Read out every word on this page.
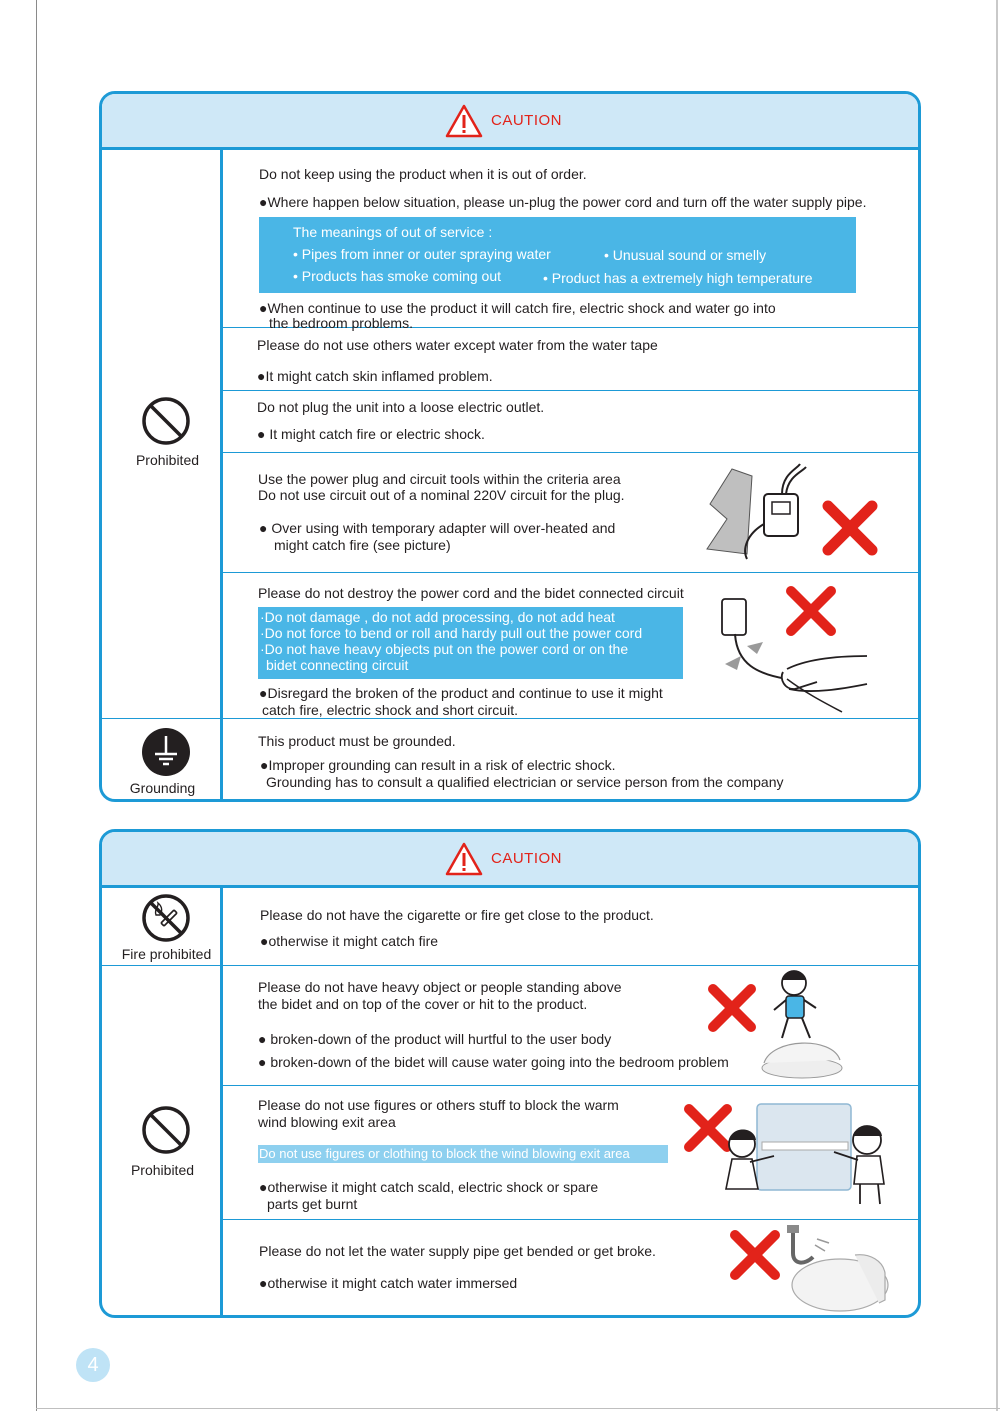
CAUTION
Prohibited
Grounding
Do not keep using the product when it is out of order.
●Where happen below situation, please un-plug the power cord and turn off the water supply pipe.
The meanings of out of service :
• Pipes from inner or outer spraying water	• Unusual sound or smelly
• Products has smoke coming out	• Product has a extremely high temperature
●When continue to use the product it will catch fire, electric shock and water go into
the bedroom problems.
Please do not use others water except water from the water tape
●It might catch skin inflamed problem.
Do not plug the unit into a loose electric outlet.
● It might catch fire or electric shock.
Use the power plug and circuit tools within the criteria area
Do not use circuit out of a nominal 220V circuit for the plug.
● Over using with temporary adapter will over-heated and
might catch fire (see picture)
Please do not destroy the power cord and the bidet connected circuit
·Do not damage , do not add processing, do not add heat
·Do not force to bend or roll and hardy pull out the power cord
·Do not have heavy objects put on the power cord or on the
bidet connecting circuit
●Disregard the broken of the product and continue to use it might
catch fire, electric shock and short circuit.
This product must be grounded.
●Improper grounding can result in a risk of electric shock.
Grounding has to consult a qualified electrician or service person from the company
CAUTION
Fire prohibited
Prohibited
Please do not have the cigarette or fire get close to the product.
●otherwise it might catch fire
Please do not have heavy object or people standing above
the bidet and on top of the cover or hit to the product.
● broken-down of the product will hurtful to the user body
● broken-down of the bidet will cause water going into the bedroom problem
Please do not use figures or others stuff to block the warm
wind blowing exit area
Do not use figures or clothing to block the wind blowing exit area
●otherwise it might catch scald, electric shock or spare
parts get burnt
Please do not let the water supply pipe get bended or get broke.
●otherwise it might catch water immersed
4
